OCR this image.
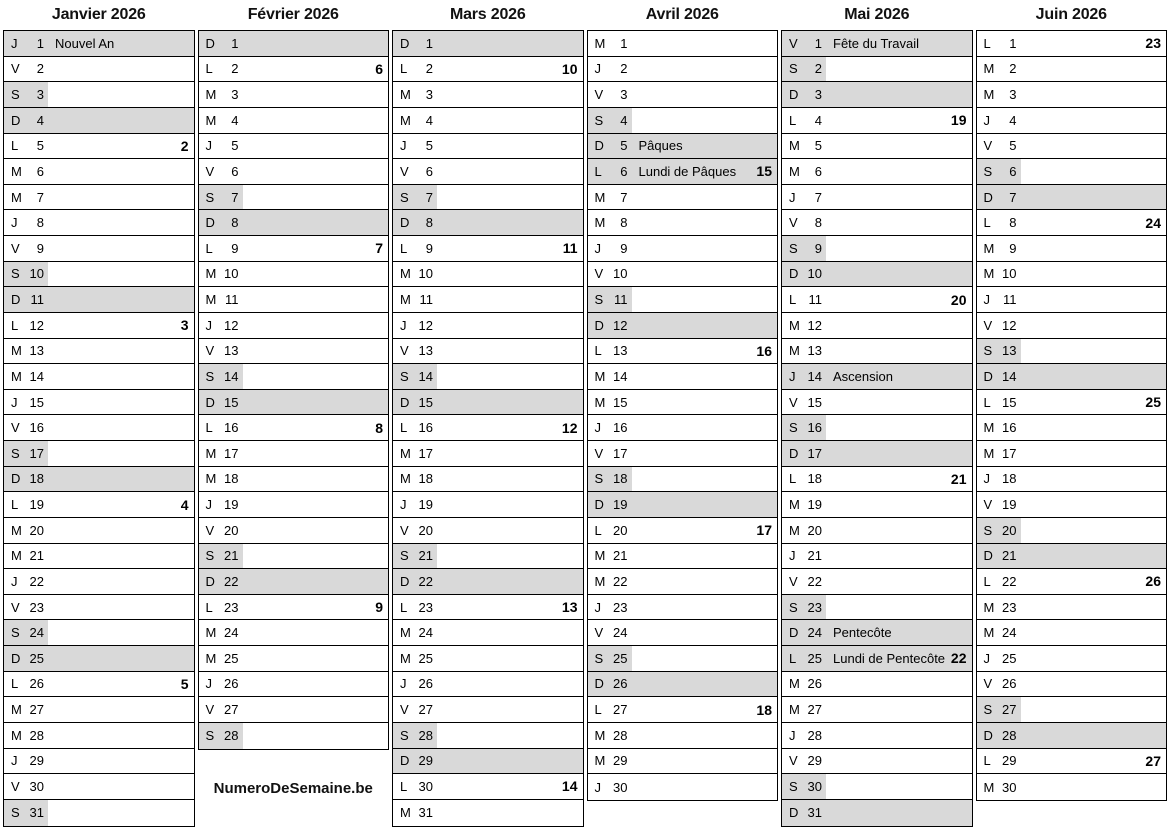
Janvier 2026
J	1 Nouvel An
V	2
S	3
D	4
L	5	2
M	6
M	7
J	8
V	9
S 10
D 11
L 12	3
M 13
M 14
J 15
V 16
S 17
D 18
L 19	4
M 20
M 21
J 22
V 23
S 24
D 25
L 26	5
M 27
M 28
J 29
V 30
S 31
Février 2026
D	1
L	2	6
M	3
M	4
J	5
V	6
S	7
D	8
L	9	7
M 10
M 11
J 12
V 13
S 14
D 15
L 16	8
M 17
M 18
J 19
V 20
S 21
D 22
L 23	9
M 24
M 25
J 26
V 27
S 28
NumeroDeSemaine.be
Mars 2026
D	1
L	2	10
M	3
M	4
J	5
V	6
S	7
D	8
L	9	11
M 10
M 11
J 12
V 13
S 14
D 15
L 16	12
M 17
M 18
J 19
V 20
S 21
D 22
L 23	13
M 24
M 25
J 26
V 27
S 28
D 29
L 30	14
M 31
Avril 2026
M	1
J	2
V	3
S	4
D	5 Pâques
L	6 Lundi de Pâques 15
M	7
M	8
J	9
V 10
S 11
D 12
L 13	16
M 14
M 15
J 16
V 17
S 18
D 19
L 20	17
M 21
M 22
J 23
V 24
S 25
D 26
L 27	18
M 28
M 29
J 30
Mai 2026
V	1 Fête du Travail
S	2
D	3
L	4	19
M	5
M	6
J	7
V	8
S	9
D 10
L 11	20
M 12
M 13
J 14 Ascension
V 15
S 16
D 17
L 18	21
M 19
M 20
J 21
V 22
S 23
D 24 Pentecôte
L 25 Lundi de Pentecôte 22
M 26
M 27
J 28
V 29
S 30
D 31
Juin 2026
L	1	23
M	2
M	3
J	4
V	5
S	6
D	7
L	8	24
M	9
M 10
J	11
V 12
S 13
D 14
L 15	25
M 16
M 17
J 18
V 19
S 20
D 21
L 22	26
M 23
M 24
J 25
V 26
S 27
D 28
L 29	27
M 30
